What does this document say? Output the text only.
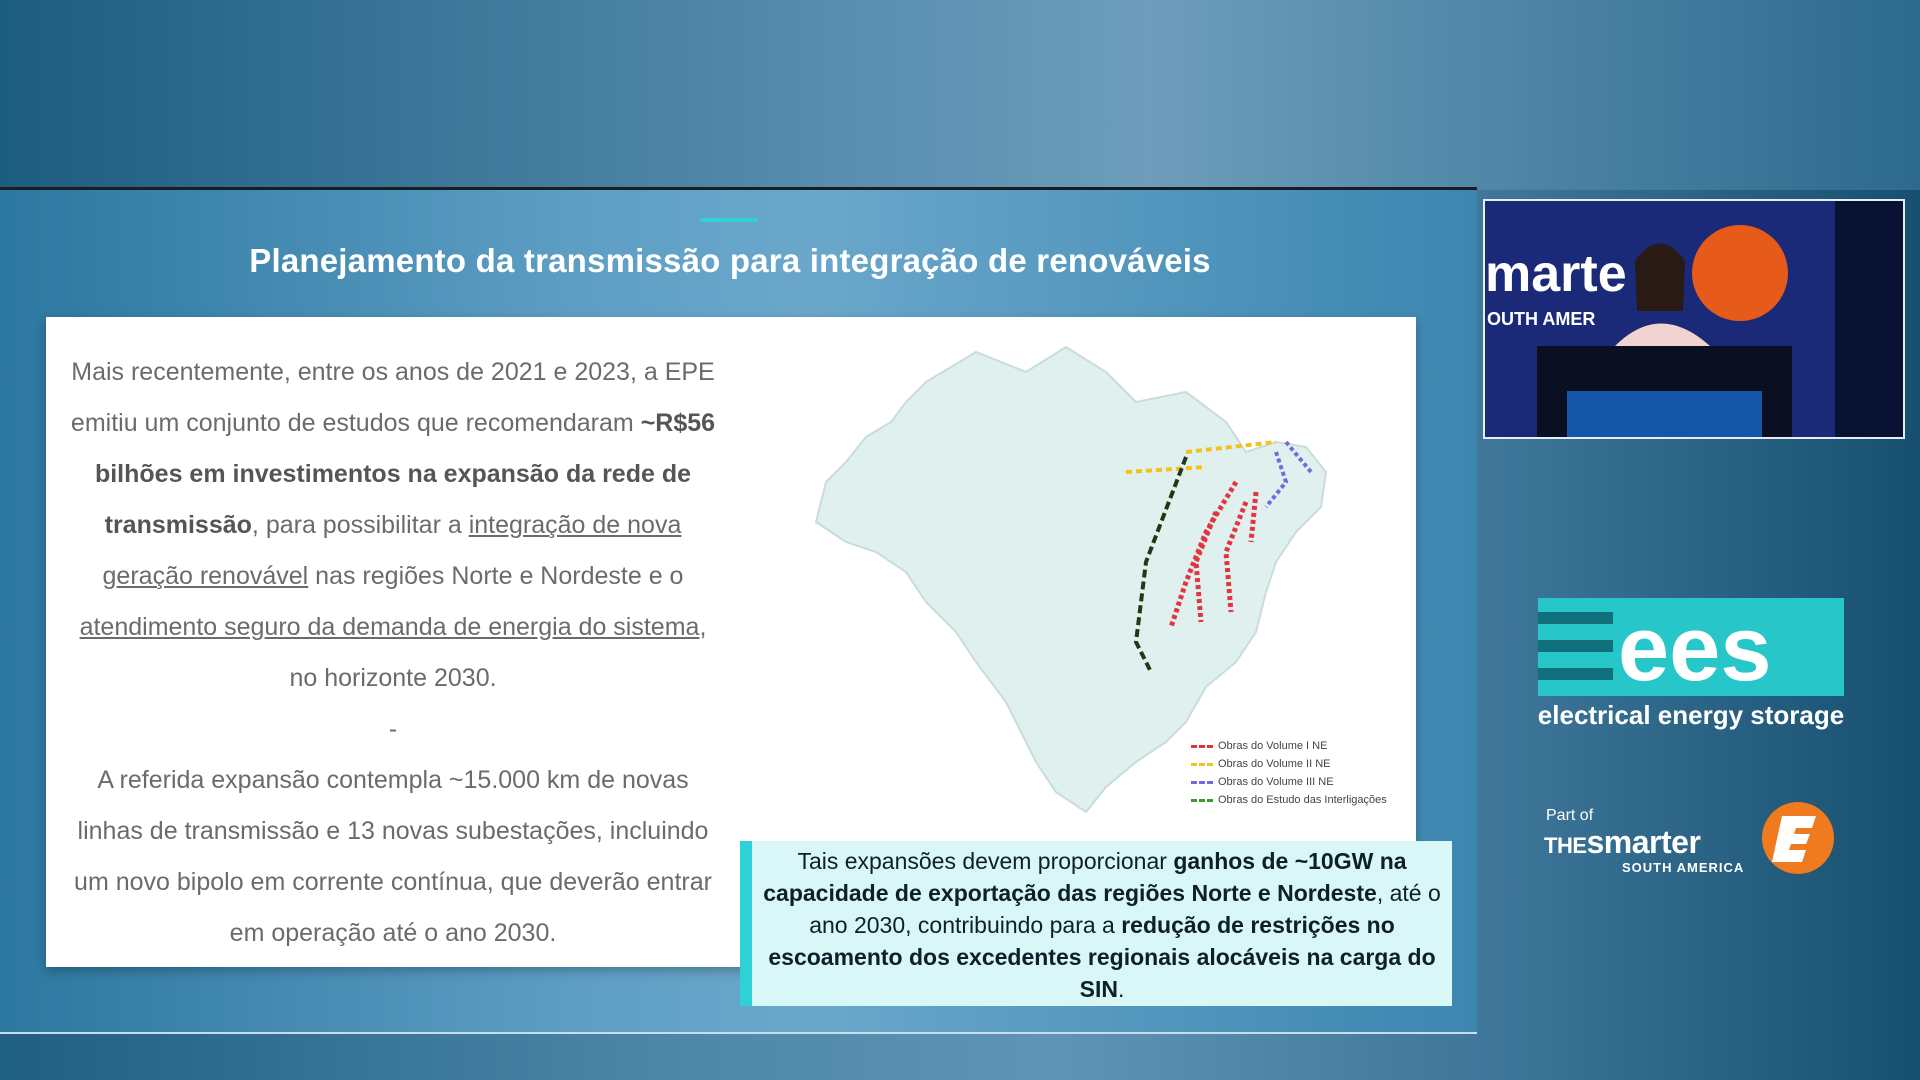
Planejamento da transmissão para integração de renováveis
Mais recentemente, entre os anos de 2021 e 2023, a EPE emitiu um conjunto de estudos que recomendaram ~R$56 bilhões em investimentos na expansão da rede de transmissão, para possibilitar a integração de nova geração renovável nas regiões Norte e Nordeste e o atendimento seguro da demanda de energia do sistema, no horizonte 2030.
-
A referida expansão contempla ~15.000 km de novas linhas de transmissão e 13 novas subestações, incluindo um novo bipolo em corrente contínua, que deverão entrar em operação até o ano 2030.
Obras do Volume I NE
Obras do Volume II NE
Obras do Volume III NE
Obras do Estudo das Interligações
Tais expansões devem proporcionar ganhos de ~10GW na capacidade de exportação das regiões Norte e Nordeste, até o ano 2030, contribuindo para a redução de restrições no escoamento dos excedentes regionais alocáveis na carga do SIN.
marte
OUTH AMER
ees
electrical energy storage
Part of
THEsmarter
SOUTH AMERICA
